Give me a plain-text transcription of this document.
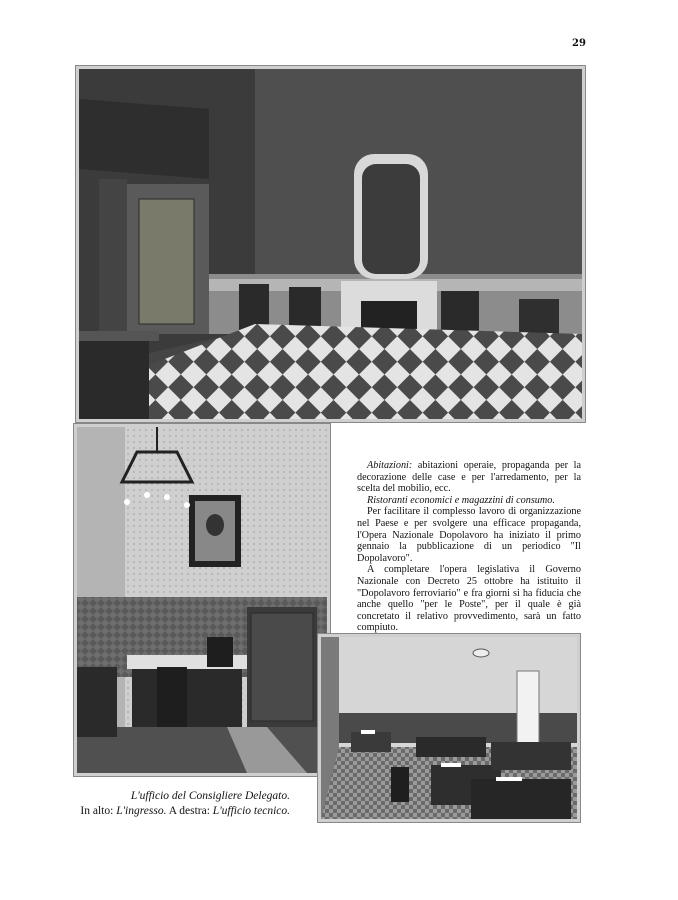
29

Abitazioni: abitazioni operaie, propaganda per la decorazione delle case e per l'arredamento, per la scelta del mobilio, ecc.

Ristoranti economici e magazzini di consumo.

Per facilitare il complesso lavoro di organizzazione nel Paese e per svolgere una efficace propaganda, l'Opera Nazionale Dopolavoro ha iniziato il primo gennaio la pubblicazione di un periodico "Il Dopolavoro".

A completare l'opera legislativa il Governo Nazionale con Decreto 25 ottobre ha istituito il "Dopolavoro ferroviario" e fra giorni si ha fiducia che anche quello "per le Poste", per il quale è già concretato il relativo provvedimento, sarà un fatto compiuto.

L'ufficio del Consigliere Delegato.
In alto: L'ingresso. A destra: L'ufficio tecnico.
